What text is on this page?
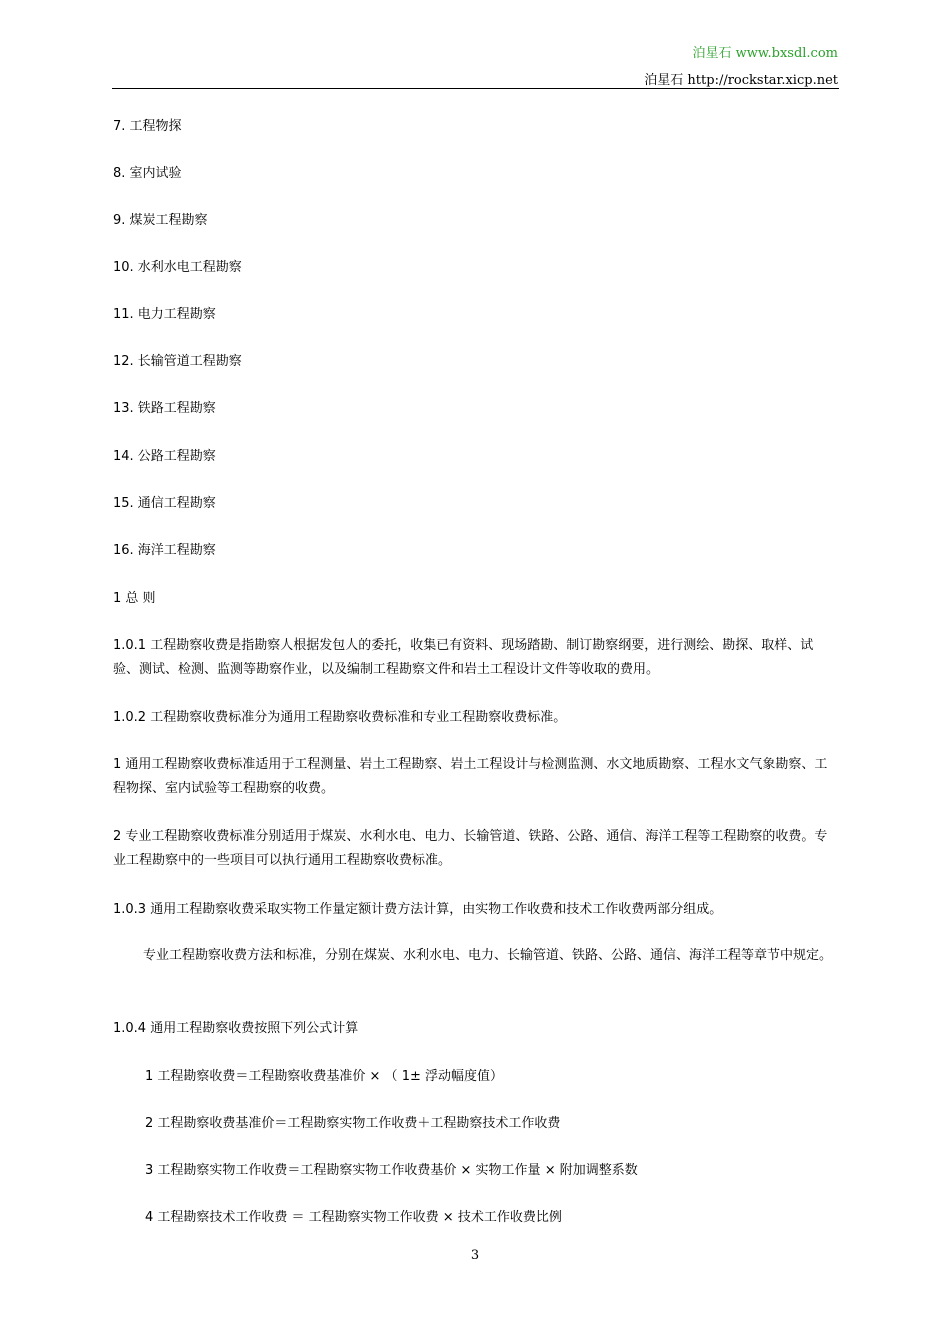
泊星石 www.bxsdl.com
泊星石 http://rockstar.xicp.net

7. 工程物探

8. 室内试验

9. 煤炭工程勘察

10. 水利水电工程勘察

11. 电力工程勘察

12. 长输管道工程勘察

13. 铁路工程勘察

14. 公路工程勘察

15. 通信工程勘察

16. 海洋工程勘察

1 总 则

1.0.1 工程勘察收费是指勘察人根据发包人的委托，收集已有资料、现场踏勘、制订勘察纲要，进行测绘、勘探、取样、试验、测试、检测、监测等勘察作业，以及编制工程勘察文件和岩土工程设计文件等收取的费用。

1.0.2 工程勘察收费标准分为通用工程勘察收费标准和专业工程勘察收费标准。

1 通用工程勘察收费标准适用于工程测量、岩土工程勘察、岩土工程设计与检测监测、水文地质勘察、工程水文气象勘察、工程物探、室内试验等工程勘察的收费。

2 专业工程勘察收费标准分别适用于煤炭、水利水电、电力、长输管道、铁路、公路、通信、海洋工程等工程勘察的收费。专业工程勘察中的一些项目可以执行通用工程勘察收费标准。

1.0.3 通用工程勘察收费采取实物工作量定额计费方法计算，由实物工作收费和技术工作收费两部分组成。

专业工程勘察收费方法和标准，分别在煤炭、水利水电、电力、长输管道、铁路、公路、通信、海洋工程等章节中规定。

1.0.4 通用工程勘察收费按照下列公式计算

1 工程勘察收费＝工程勘察收费基准价 × （ 1± 浮动幅度值）

2 工程勘察收费基准价＝工程勘察实物工作收费＋工程勘察技术工作收费

3 工程勘察实物工作收费＝工程勘察实物工作收费基价 × 实物工作量 × 附加调整系数

4 工程勘察技术工作收费 ＝ 工程勘察实物工作收费 × 技术工作收费比例

3
